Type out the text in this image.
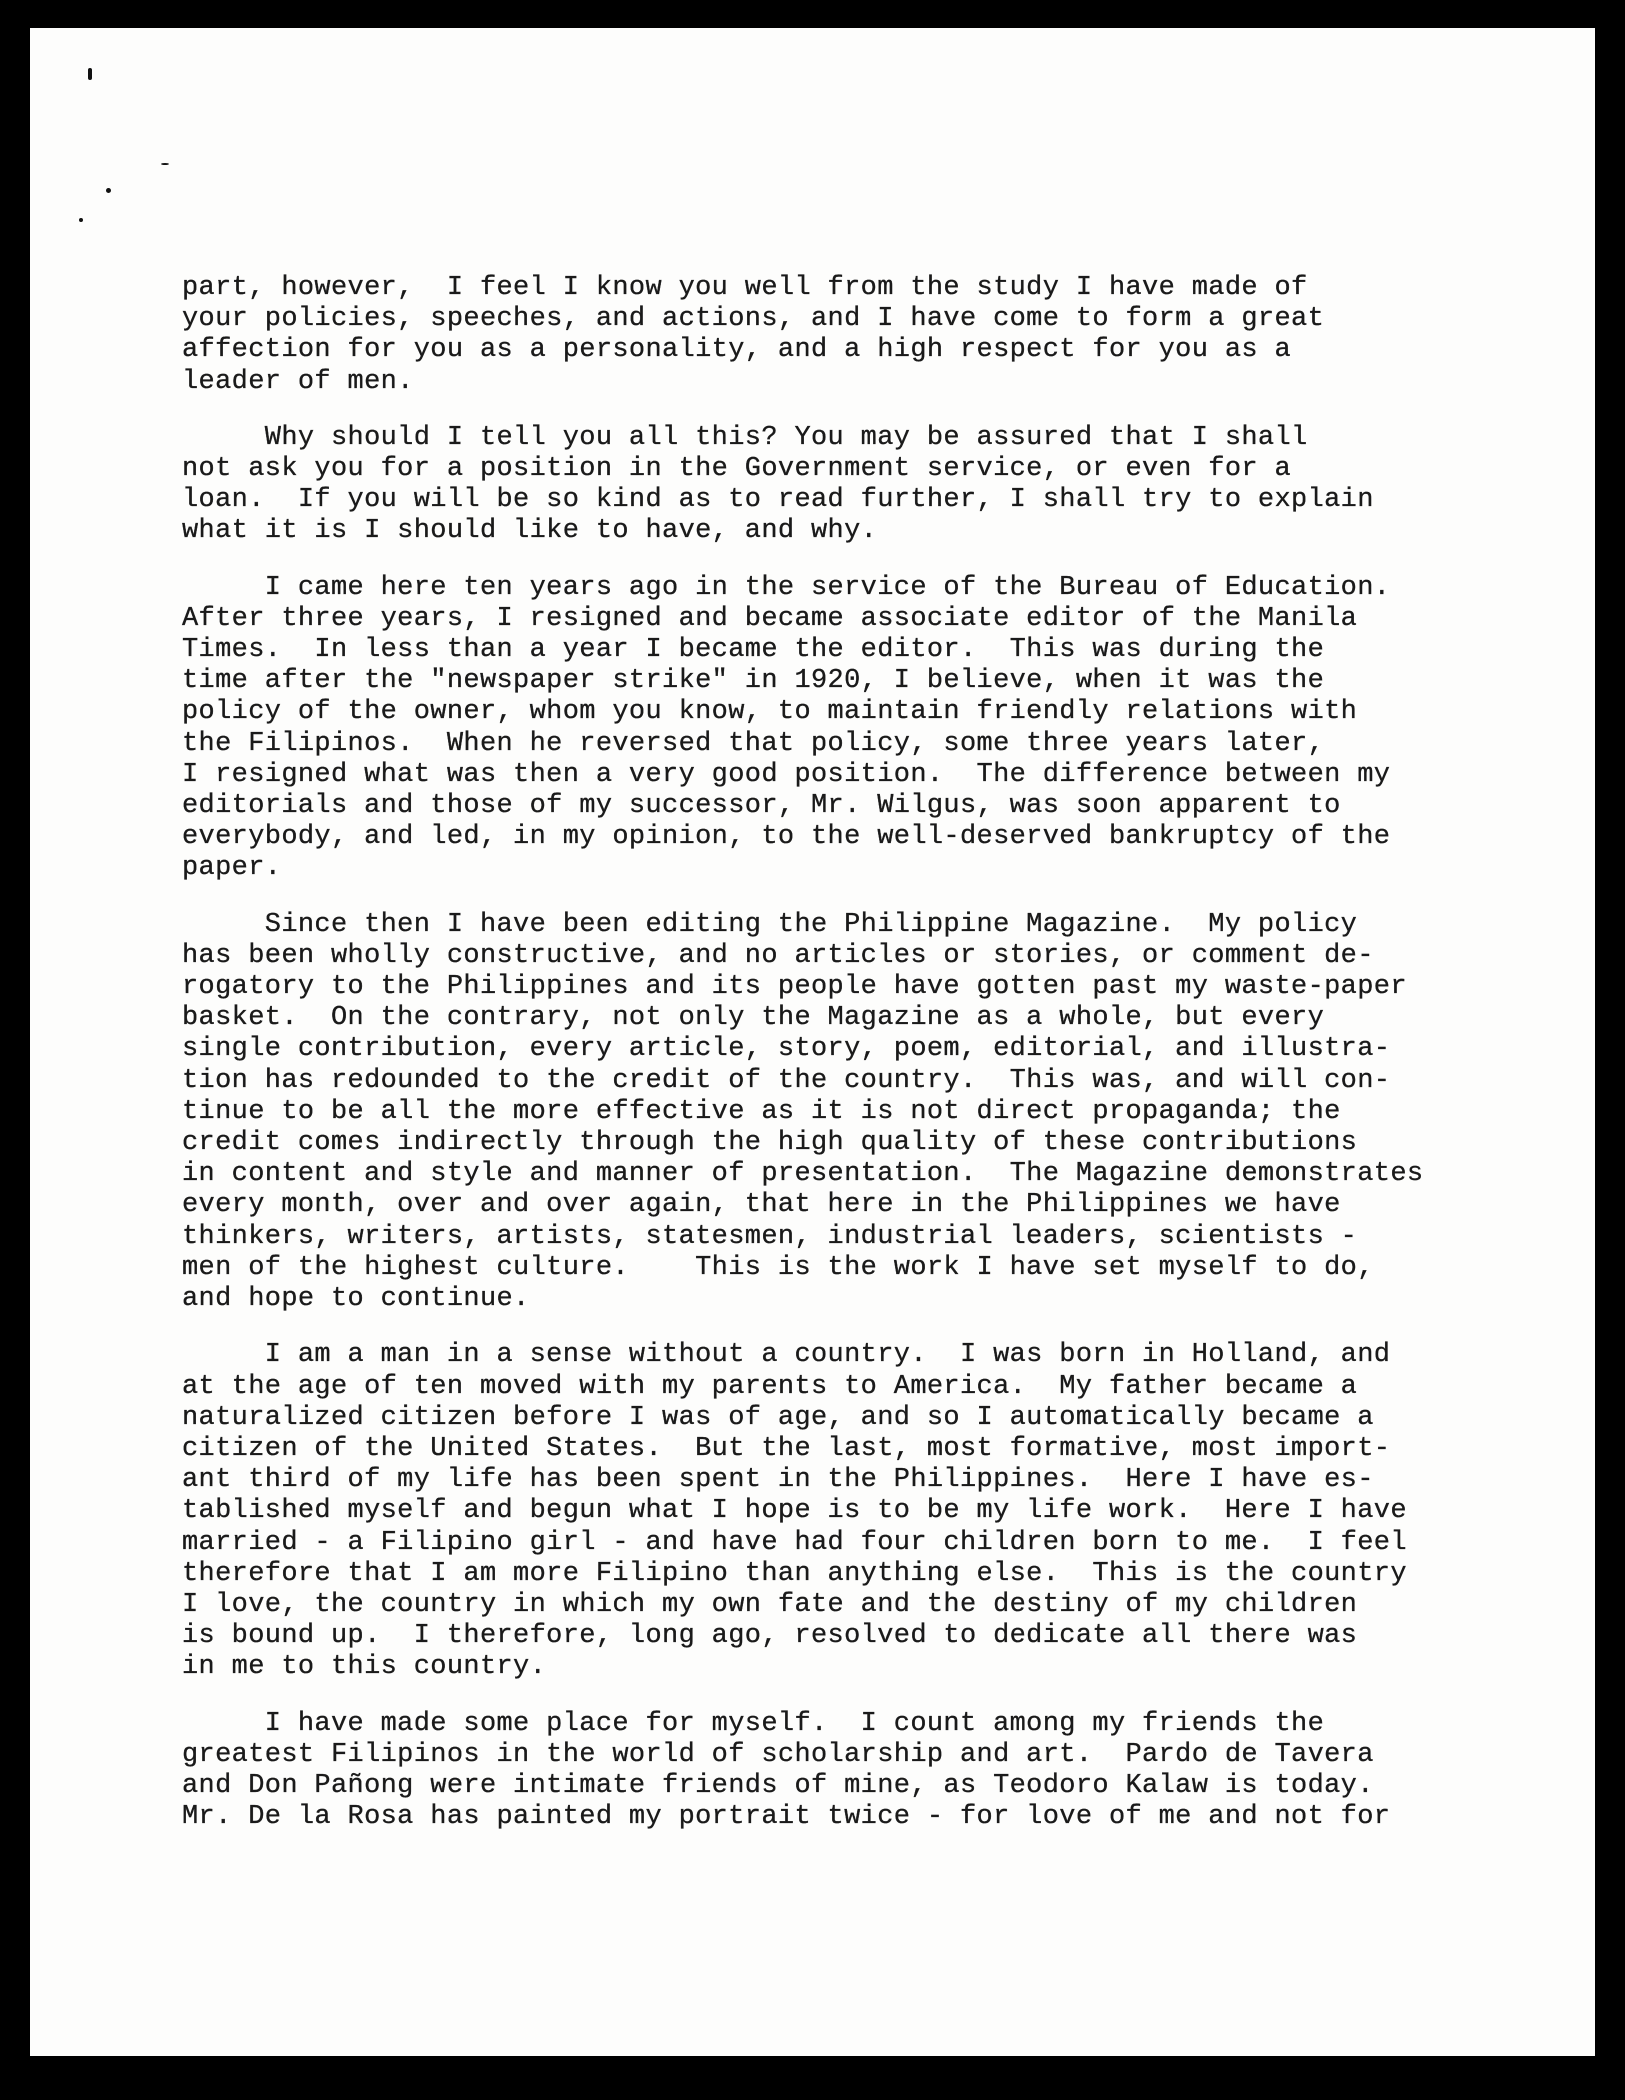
part, however,  I feel I know you well from the study I have made of
your policies, speeches, and actions, and I have come to form a great
affection for you as a personality, and a high respect for you as a
leader of men.
Why should I tell you all this? You may be assured that I shall
not ask you for a position in the Government service, or even for a
loan.  If you will be so kind as to read further, I shall try to explain
what it is I should like to have, and why.
I came here ten years ago in the service of the Bureau of Education.
After three years, I resigned and became associate editor of the Manila
Times.  In less than a year I became the editor.  This was during the
time after the "newspaper strike" in 1920, I believe, when it was the
policy of the owner, whom you know, to maintain friendly relations with
the Filipinos.  When he reversed that policy, some three years later,
I resigned what was then a very good position.  The difference between my
editorials and those of my successor, Mr. Wilgus, was soon apparent to
everybody, and led, in my opinion, to the well-deserved bankruptcy of the
paper.
Since then I have been editing the Philippine Magazine.  My policy
has been wholly constructive, and no articles or stories, or comment de-
rogatory to the Philippines and its people have gotten past my waste-paper
basket.  On the contrary, not only the Magazine as a whole, but every
single contribution, every article, story, poem, editorial, and illustra-
tion has redounded to the credit of the country.  This was, and will con-
tinue to be all the more effective as it is not direct propaganda; the
credit comes indirectly through the high quality of these contributions
in content and style and manner of presentation.  The Magazine demonstrates
every month, over and over again, that here in the Philippines we have
thinkers, writers, artists, statesmen, industrial leaders, scientists -
men of the highest culture.    This is the work I have set myself to do,
and hope to continue.
I am a man in a sense without a country.  I was born in Holland, and
at the age of ten moved with my parents to America.  My father became a
naturalized citizen before I was of age, and so I automatically became a
citizen of the United States.  But the last, most formative, most import-
ant third of my life has been spent in the Philippines.  Here I have es-
tablished myself and begun what I hope is to be my life work.  Here I have
married - a Filipino girl - and have had four children born to me.  I feel
therefore that I am more Filipino than anything else.  This is the country
I love, the country in which my own fate and the destiny of my children
is bound up.  I therefore, long ago, resolved to dedicate all there was
in me to this country.
I have made some place for myself.  I count among my friends the
greatest Filipinos in the world of scholarship and art.  Pardo de Tavera
and Don Pañong were intimate friends of mine, as Teodoro Kalaw is today.
Mr. De la Rosa has painted my portrait twice - for love of me and not for
